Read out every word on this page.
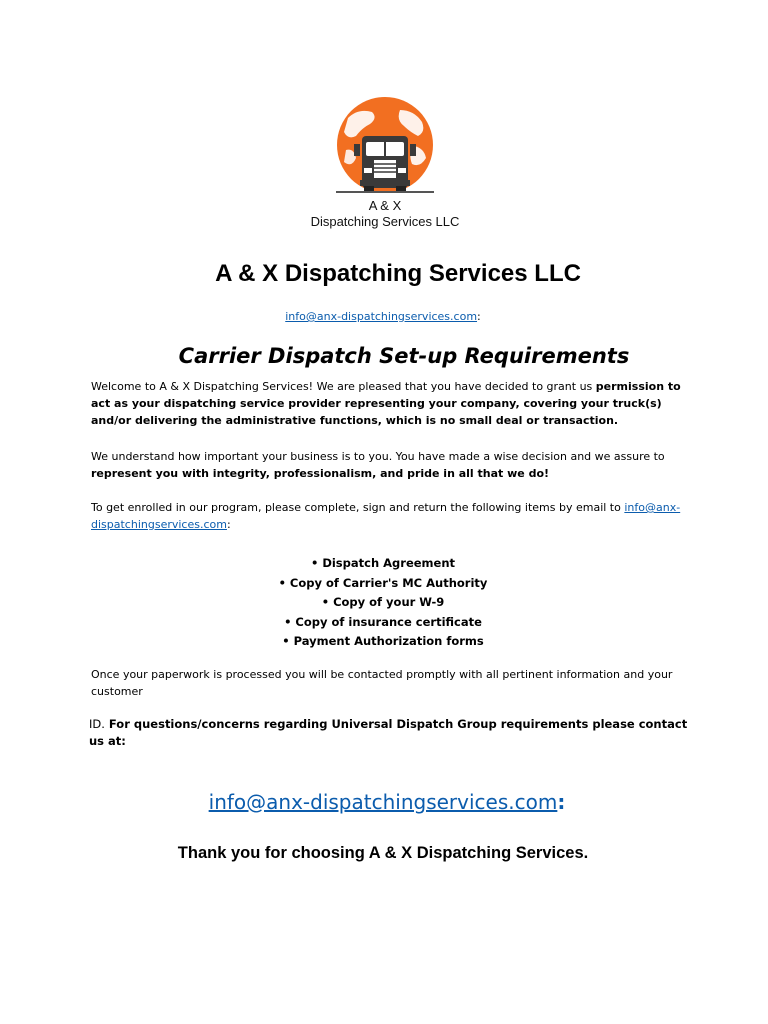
A & X
Dispatching Services LLC
A & X Dispatching Services LLC
info@anx-dispatchingservices.com:
Carrier Dispatch Set-up Requirements
Welcome to A & X Dispatching Services! We are pleased that you have decided to grant us permission to act as your dispatching service provider representing your company, covering your truck(s) and/or delivering the administrative functions, which is no small deal or transaction.
We understand how important your business is to you. You have made a wise decision and we assure to represent you with integrity, professionalism, and pride in all that we do!
To get enrolled in our program, please complete, sign and return the following items by email to info@anx-dispatchingservices.com:
• Dispatch Agreement
• Copy of Carrier's MC Authority
• Copy of your W-9
• Copy of insurance certificate
• Payment Authorization forms
Once your paperwork is processed you will be contacted promptly with all pertinent information and your customer
ID. For questions/concerns regarding Universal Dispatch Group requirements please contact us at:
info@anx-dispatchingservices.com:
Thank you for choosing A & X Dispatching Services.
